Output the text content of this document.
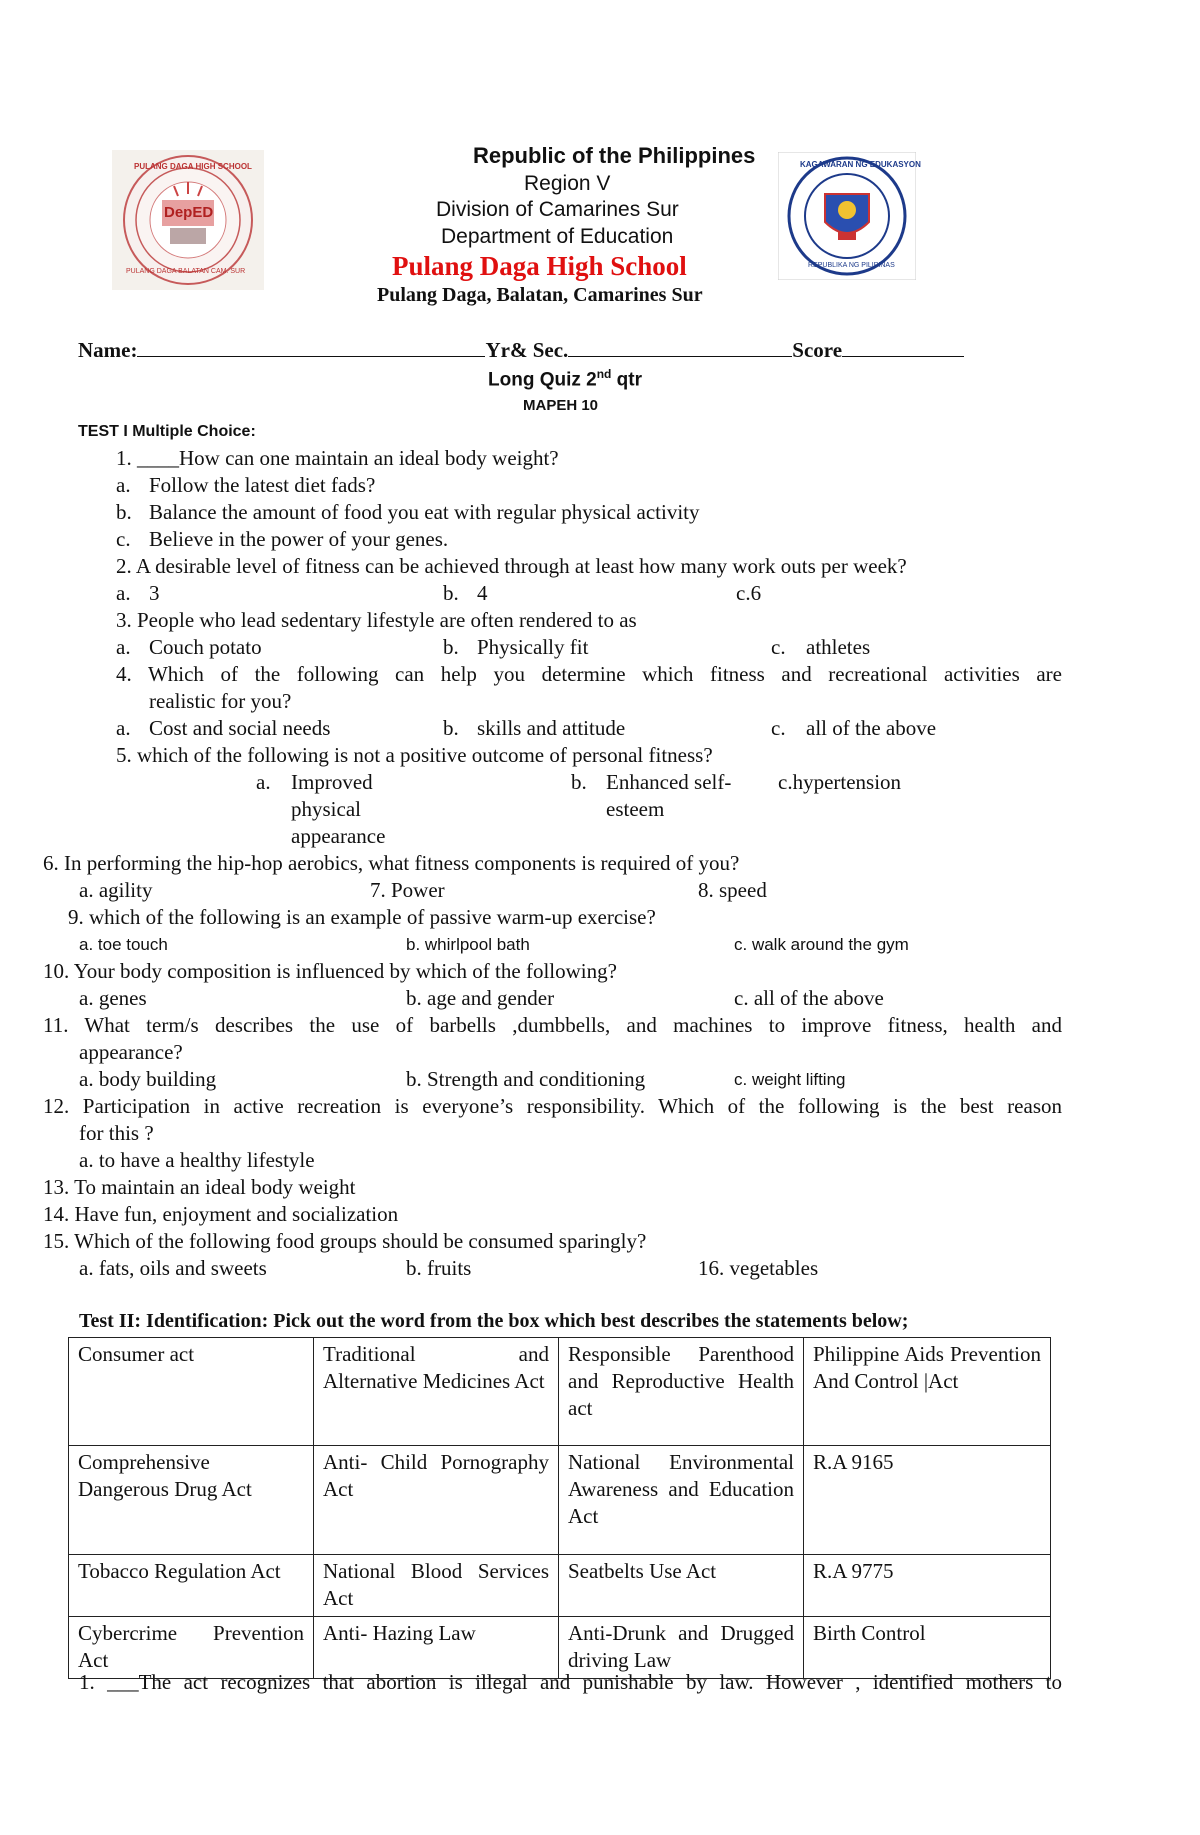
PULANG DAGA HIGH SCHOOL
DepED
PULANG DAGA BALATAN CAM. SUR
KAGAWARAN NG EDUKASYON
REPUBLIKA NG PILIPINAS
Republic of the Philippines
Region V
Division of Camarines Sur
Department of Education
Pulang Daga High School
Pulang Daga, Balatan, Camarines Sur
Name:	Yr& Sec.	Score
Long Quiz 2nd qtr
MAPEH 10
TEST I Multiple Choice:
1. ____How can one maintain an ideal body weight?
a. Follow the latest diet fads?
b. Balance the amount of food you eat with regular physical activity
c. Believe in the power of your genes.
2. A desirable level of fitness can be achieved through at least how many work outs per week?
a. 3	b. 4	c.6
3. People who lead sedentary lifestyle are often rendered to as
a. Couch potato	b. Physically fit	c. athletes
4. Which of the following can help you determine which fitness and recreational activities are
realistic for you?
a. Cost and social needs	b. skills and attitude	c. all of the above
5. which of the following is not a positive outcome of personal fitness?
a. Improved
physical
appearance
b. Enhanced self-
esteem
c.hypertension
6. In performing the hip-hop aerobics, what fitness components is required of you?
a. agility	7. Power	8. speed
9. which of the following is an example of passive warm-up exercise?
a. toe touch	b. whirlpool bath	c. walk around the gym
10. Your body composition is influenced by which of the following?
a. genes	b. age and gender	c. all of the above
11. What term/s describes the use of barbells ,dumbbells, and machines to improve fitness, health and
appearance?
a. body building	b. Strength and conditioning	c. weight lifting
12. Participation in active recreation is everyone’s responsibility. Which of the following is the best reason
for this ?
a. to have a healthy lifestyle
13. To maintain an ideal body weight
14. Have fun, enjoyment and socialization
15. Which of the following food groups should be consumed sparingly?
a. fats, oils and sweets	b. fruits	16. vegetables
Test II: Identification: Pick out the word from the box which best describes the statements below;
Consumer act	Traditional and Alternative Medicines Act	Responsible Parenthood and Reproductive Health act	Philippine Aids Prevention And Control |Act
Comprehensive Dangerous Drug Act	Anti- Child Pornography Act	National Environmental Awareness and Education Act	R.A 9165
Tobacco Regulation Act	National Blood Services Act	Seatbelts Use Act	R.A 9775
Cybercrime Prevention Act	Anti- Hazing Law	Anti-Drunk and Drugged driving Law	Birth Control
1. ___The act recognizes that abortion is illegal and punishable by law. However , identified mothers to
